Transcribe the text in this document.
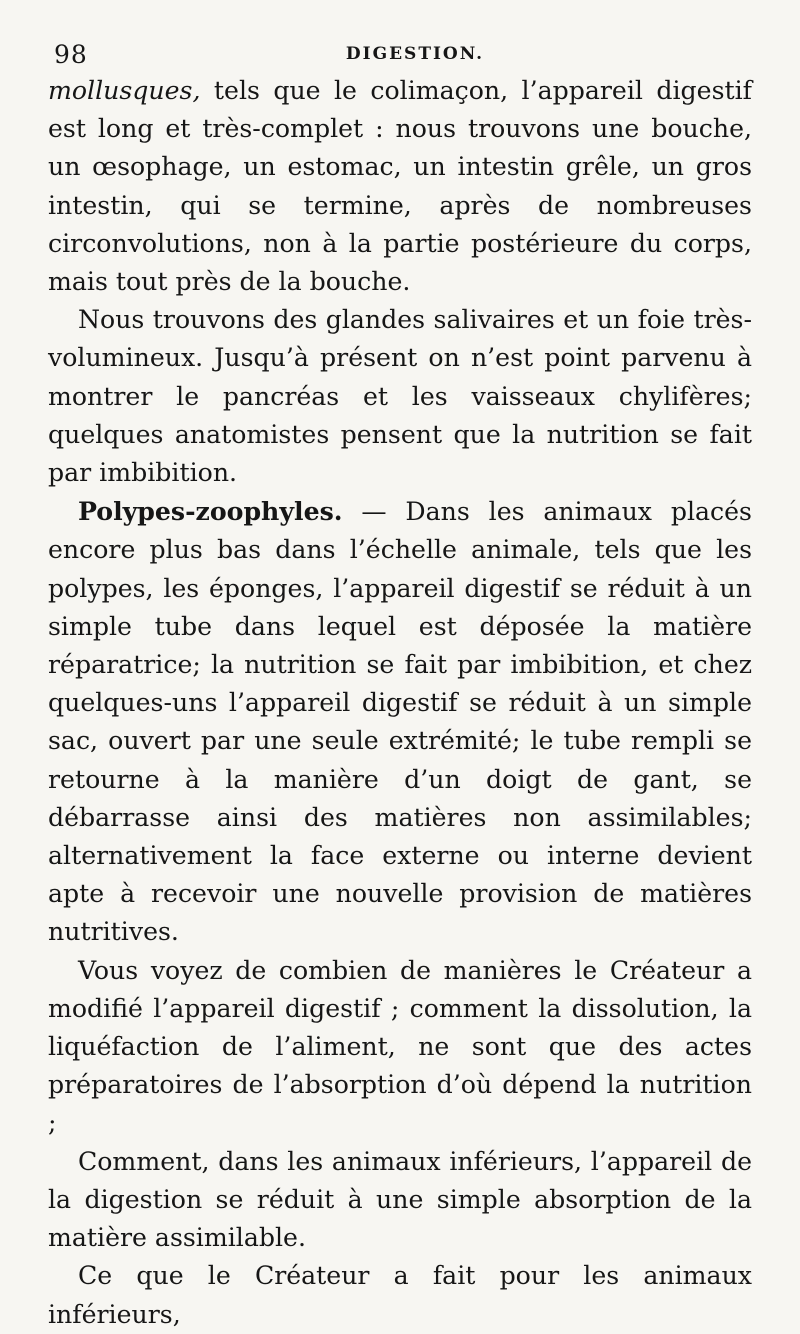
98	DIGESTION.

mollusques, tels que le colimaçon, l’appareil digestif est long et très-complet : nous trouvons une bouche, un œsophage, un estomac, un intestin grêle, un gros intestin, qui se termine, après de nombreuses circonvolutions, non à la partie postérieure du corps, mais tout près de la bouche.

Nous trouvons des glandes salivaires et un foie très-volumineux. Jusqu’à présent on n’est point parvenu à montrer le pancréas et les vaisseaux chylifères; quelques anatomistes pensent que la nutrition se fait par imbibition.

Polypes-zoophyles. — Dans les animaux placés encore plus bas dans l’échelle animale, tels que les polypes, les éponges, l’appareil digestif se réduit à un simple tube dans lequel est déposée la matière réparatrice; la nutrition se fait par imbibition, et chez quelques-uns l’appareil digestif se réduit à un simple sac, ouvert par une seule extrémité; le tube rempli se retourne à la manière d’un doigt de gant, se débarrasse ainsi des matières non assimilables; alternativement la face externe ou interne devient apte à recevoir une nouvelle provision de matières nutritives.

Vous voyez de combien de manières le Créateur a modifié l’appareil digestif ; comment la dissolution, la liquéfaction de l’aliment, ne sont que des actes préparatoires de l’absorption d’où dépend la nutrition ;

Comment, dans les animaux inférieurs, l’appareil de la digestion se réduit à une simple absorption de la matière assimilable.

Ce que le Créateur a fait pour les animaux inférieurs,
